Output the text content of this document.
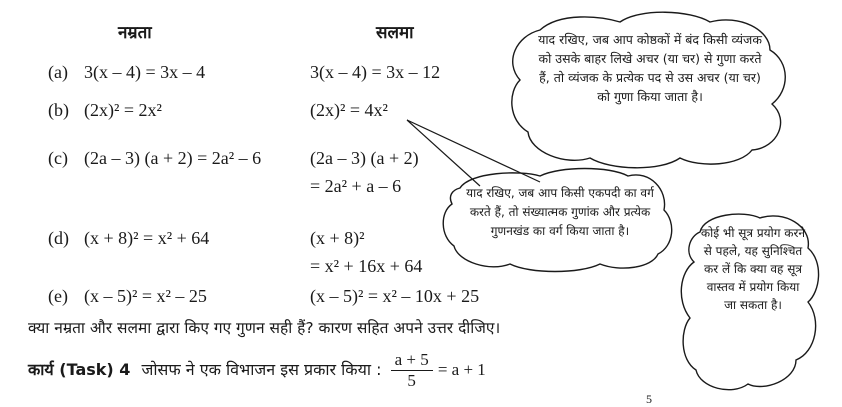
नम्रता	सलमा
(a) 3(x – 4) = 3x – 4	3(x – 4) = 3x – 12
(b) (2x)² = 2x²	(2x)² = 4x²
(c) (2a – 3) (a + 2) = 2a² – 6	(2a – 3) (a + 2)
= 2a² + a – 6
(d) (x + 8)² = x² + 64	(x + 8)²
= x² + 16x + 64
(e) (x – 5)² = x² – 25	(x – 5)² = x² – 10x + 25
क्या नम्रता और सलमा द्वारा किए गए गुणन सही हैं? कारण सहित अपने उत्तर दीजिए।
कार्य (Task) 4 जोसफ ने एक विभाजन इस प्रकार किया : $\frac{a + 5}{5} = a + 1$
याद रखिए, जब आप कोष्ठकों में बंद किसी व्यंजक को उसके बाहर लिखे अचर (या चर) से गुणा करते हैं, तो व्यंजक के प्रत्येक पद से उस अचर (या चर) को गुणा किया जाता है।
याद रखिए, जब आप किसी एकपदी का वर्ग करते हैं, तो संख्यात्मक गुणांक और प्रत्येक गुणनखंड का वर्ग किया जाता है।	कोई भी सूत्र प्रयोग करने से पहले, यह सुनिश्चित कर लें कि क्या वह सूत्र वास्तव में प्रयोग किया जा सकता है।
5
